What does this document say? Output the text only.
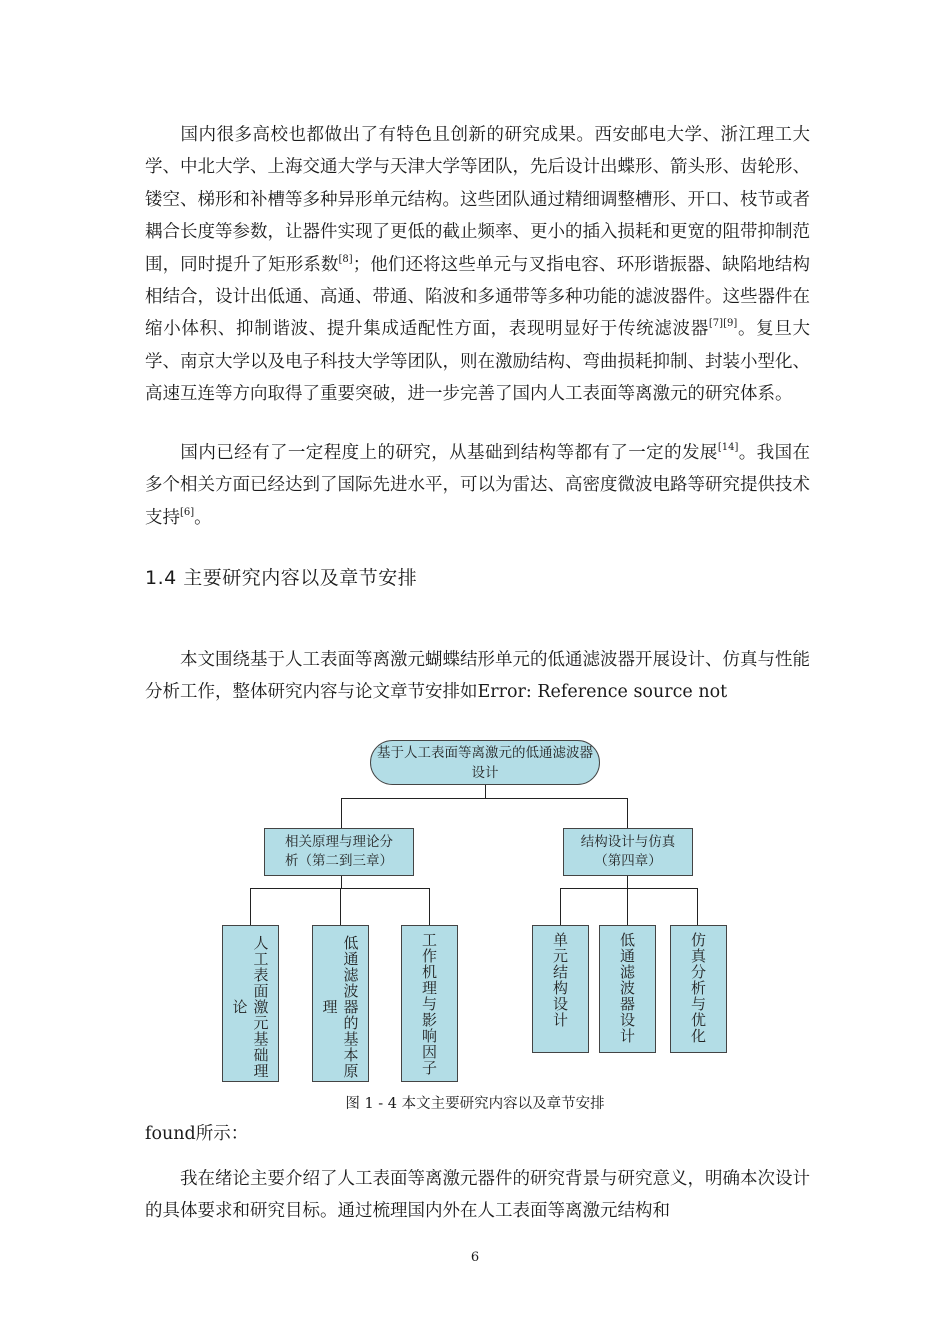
国内很多高校也都做出了有特色且创新的研究成果。西安邮电大学、浙江理工大学、中北大学、上海交通大学与天津大学等团队，先后设计出蝶形、箭头形、齿轮形、镂空、梯形和补槽等多种异形单元结构。这些团队通过精细调整槽形、开口、枝节或者耦合长度等参数，让器件实现了更低的截止频率、更小的插入损耗和更宽的阻带抑制范围，同时提升了矩形系数[8]；他们还将这些单元与叉指电容、环形谐振器、缺陷地结构相结合，设计出低通、高通、带通、陷波和多通带等多种功能的滤波器件。这些器件在缩小体积、抑制谐波、提升集成适配性方面，表现明显好于传统滤波器[7][9]。复旦大学、南京大学以及电子科技大学等团队，则在激励结构、弯曲损耗抑制、封装小型化、高速互连等方向取得了重要突破，进一步完善了国内人工表面等离激元的研究体系。

国内已经有了一定程度上的研究，从基础到结构等都有了一定的发展[14]。我国在多个相关方面已经达到了国际先进水平，可以为雷达、高密度微波电路等研究提供技术支持[6]。

1.4 主要研究内容以及章节安排

本文围绕基于人工表面等离激元蝴蝶结形单元的低通滤波器开展设计、仿真与性能分析工作，整体研究内容与论文章节安排如Error: Reference source not

基于人工表面等离激元的低通滤波器设计
相关原理与理论分析（第二到三章）
结构设计与仿真（第四章）
人工表面激元基础理论	低通滤波器的基本原理	工作机理与影响因子	单元结构设计	低通滤波器设计	仿真分析与优化

图 1 - 4 本文主要研究内容以及章节安排

found所示：

我在绪论主要介绍了人工表面等离激元器件的研究背景与研究意义，明确本次设计的具体要求和研究目标。通过梳理国内外在人工表面等离激元结构和

6
